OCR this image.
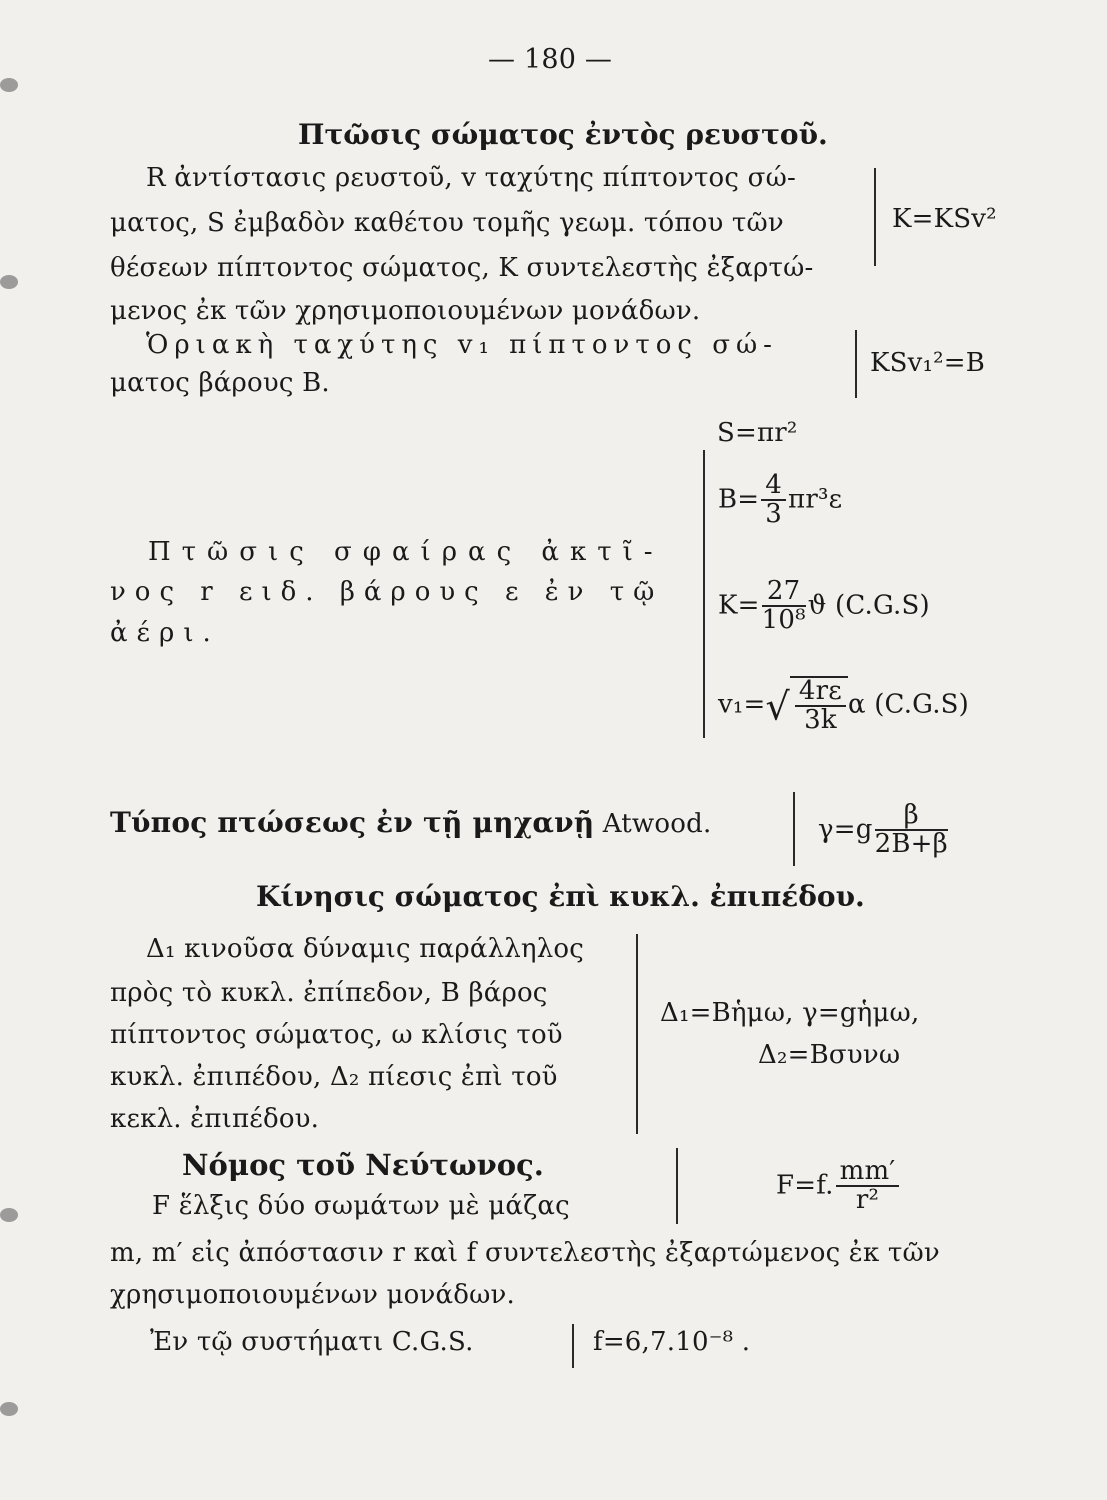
— 180 —
Πτῶσις σώματος ἐντὸς ρευστοῦ.
R ἀντίστασις ρευστοῦ, v ταχύτης πίπτοντος σώ-
ματος, S ἐμβαδὸν καθέτου τομῆς γεωμ. τόπου τῶν
θέσεων πίπτοντος σώματος, K συντελεστὴς ἐξαρτώ-
μενος ἐκ τῶν χρησιμοποιουμένων μονάδων.
K=KSv²
Ὁριακὴ ταχύτης v₁ πίπτοντος σώ-
ματος βάρους B.
KSv₁²=B
S=πr²
Πτῶσις σφαίρας ἀκτῖ-
νος r ειδ. βάρους ε ἐν τῷ
ἀέρι.
$B= \frac{4}{3} \pi r^3\varepsilon$
$K= \frac{27}{\text{10⁸}}$ ϑ (C.G.S)
$v_1=√ \frac{4r\varepsilon}{3k}$ α (C.G.S)
Τύπος πτώσεως ἐν τῇ μηχανῇ Atwood.	$\gamma=g \frac{\beta}{2B+\beta}$
Κίνησις σώματος ἐπὶ κυκλ. ἐπιπέδου.
Δ₁ κινοῦσα δύναμις παράλληλος
πρὸς τὸ κυκλ. ἐπίπεδον, B βάρος
πίπτοντος σώματος, ω κλίσις τοῦ
κυκλ. ἐπιπέδου, Δ₂ πίεσις ἐπὶ τοῦ
κεκλ. ἐπιπέδου.
Δ₁=Bἡμω, γ=gἡμω,
Δ₂=Bσυνω
Νόμος τοῦ Νεύτωνος.
F ἕλξις δύο σωμάτων μὲ μάζας
F=f. $\frac{mm'}{\text{r²}}$
m, m′ εἰς ἀπόστασιν r καὶ f συντελεστὴς ἐξαρτώμενος ἐκ τῶν
χρησιμοποιουμένων μονάδων.
Ἐν τῷ συστήματι C.G.S.	f=6,7.10⁻⁸ .
